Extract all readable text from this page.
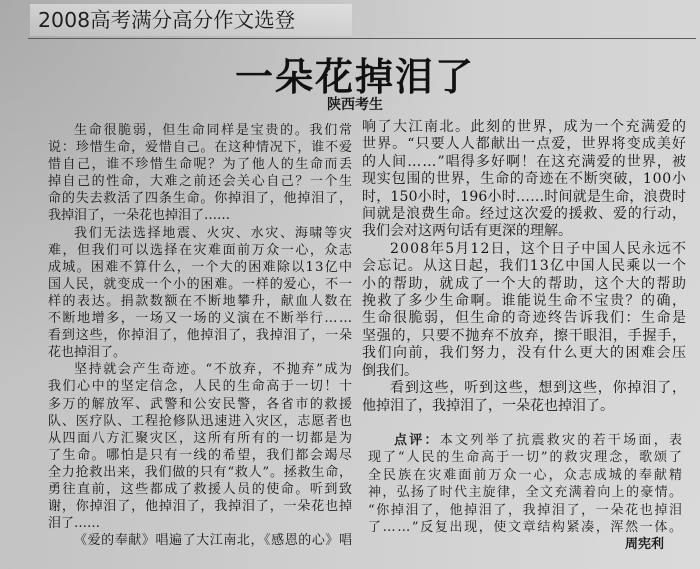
2008高考满分高分作文选登
一朵花掉泪了
陕西考生
生命很脆弱，但生命同样是宝贵的。我们常
说：珍惜生命，爱惜自己。在这种情况下，谁不爱
惜自己，谁不珍惜生命呢？为了他人的生命而丢
掉自己的性命，大难之前还会关心自己？一个生
命的失去救活了四条生命。你掉泪了，他掉泪了，
我掉泪了，一朵花也掉泪了……
我们无法选择地震、火灾、水灾、海啸等灾
难，但我们可以选择在灾难面前万众一心，众志
成城。困难不算什么，一个大的困难除以13亿中
国人民，就变成一个小的困难。一样的爱心，不一
样的表达。捐款数额在不断地攀升，献血人数在
不断地增多，一场又一场的义演在不断举行……
看到这些，你掉泪了，他掉泪了，我掉泪了，一朵
花也掉泪了。
坚持就会产生奇迹。“不放弃，不抛弃”成为
我们心中的坚定信念，人民的生命高于一切！十
多万的解放军、武警和公安民警，各省市的救援
队、医疗队、工程抢修队迅速进入灾区，志愿者也
从四面八方汇聚灾区，这所有所有的一切都是为
了生命。哪怕是只有一线的希望，我们都会竭尽
全力抢救出来，我们做的只有“救人”。拯救生命，
勇往直前，这些都成了救援人员的使命。听到致
谢，你掉泪了，他掉泪了，我掉泪了，一朵花也掉
泪了……
《爱的奉献》唱遍了大江南北，《感恩的心》唱
响了大江南北。此刻的世界，成为一个充满爱的
世界。“只要人人都献出一点爱，世界将变成美好
的人间……”唱得多好啊！在这充满爱的世界，被
现实包围的世界，生命的奇迹在不断突破，100小
时，150小时，196小时……时间就是生命，浪费时
间就是浪费生命。经过这次爱的援救、爱的行动，
我们会对这两句话有更深的理解。
2008年5月12日，这个日子中国人民永远不
会忘记。从这日起，我们13亿中国人民乘以一个
小的帮助，就成了一个大的帮助，这个大的帮助
挽救了多少生命啊。谁能说生命不宝贵？的确，
生命很脆弱，但生命的奇迹终告诉我们：生命是
坚强的，只要不抛弃不放弃，擦干眼泪，手握手，
我们向前，我们努力，没有什么更大的困难会压
倒我们。
看到这些，听到这些，想到这些，你掉泪了，
他掉泪了，我掉泪了，一朵花也掉泪了。
点评：本文列举了抗震救灾的若干场面，表
现了“人民的生命高于一切”的救灾理念，歌颂了
全民族在灾难面前万众一心，众志成城的奉献精
神，弘扬了时代主旋律，全文充满着向上的豪情。
“你掉泪了，他掉泪了，我掉泪了，一朵花也掉泪
了……”反复出现，使文章结构紧凑，浑然一体。
周宪利
